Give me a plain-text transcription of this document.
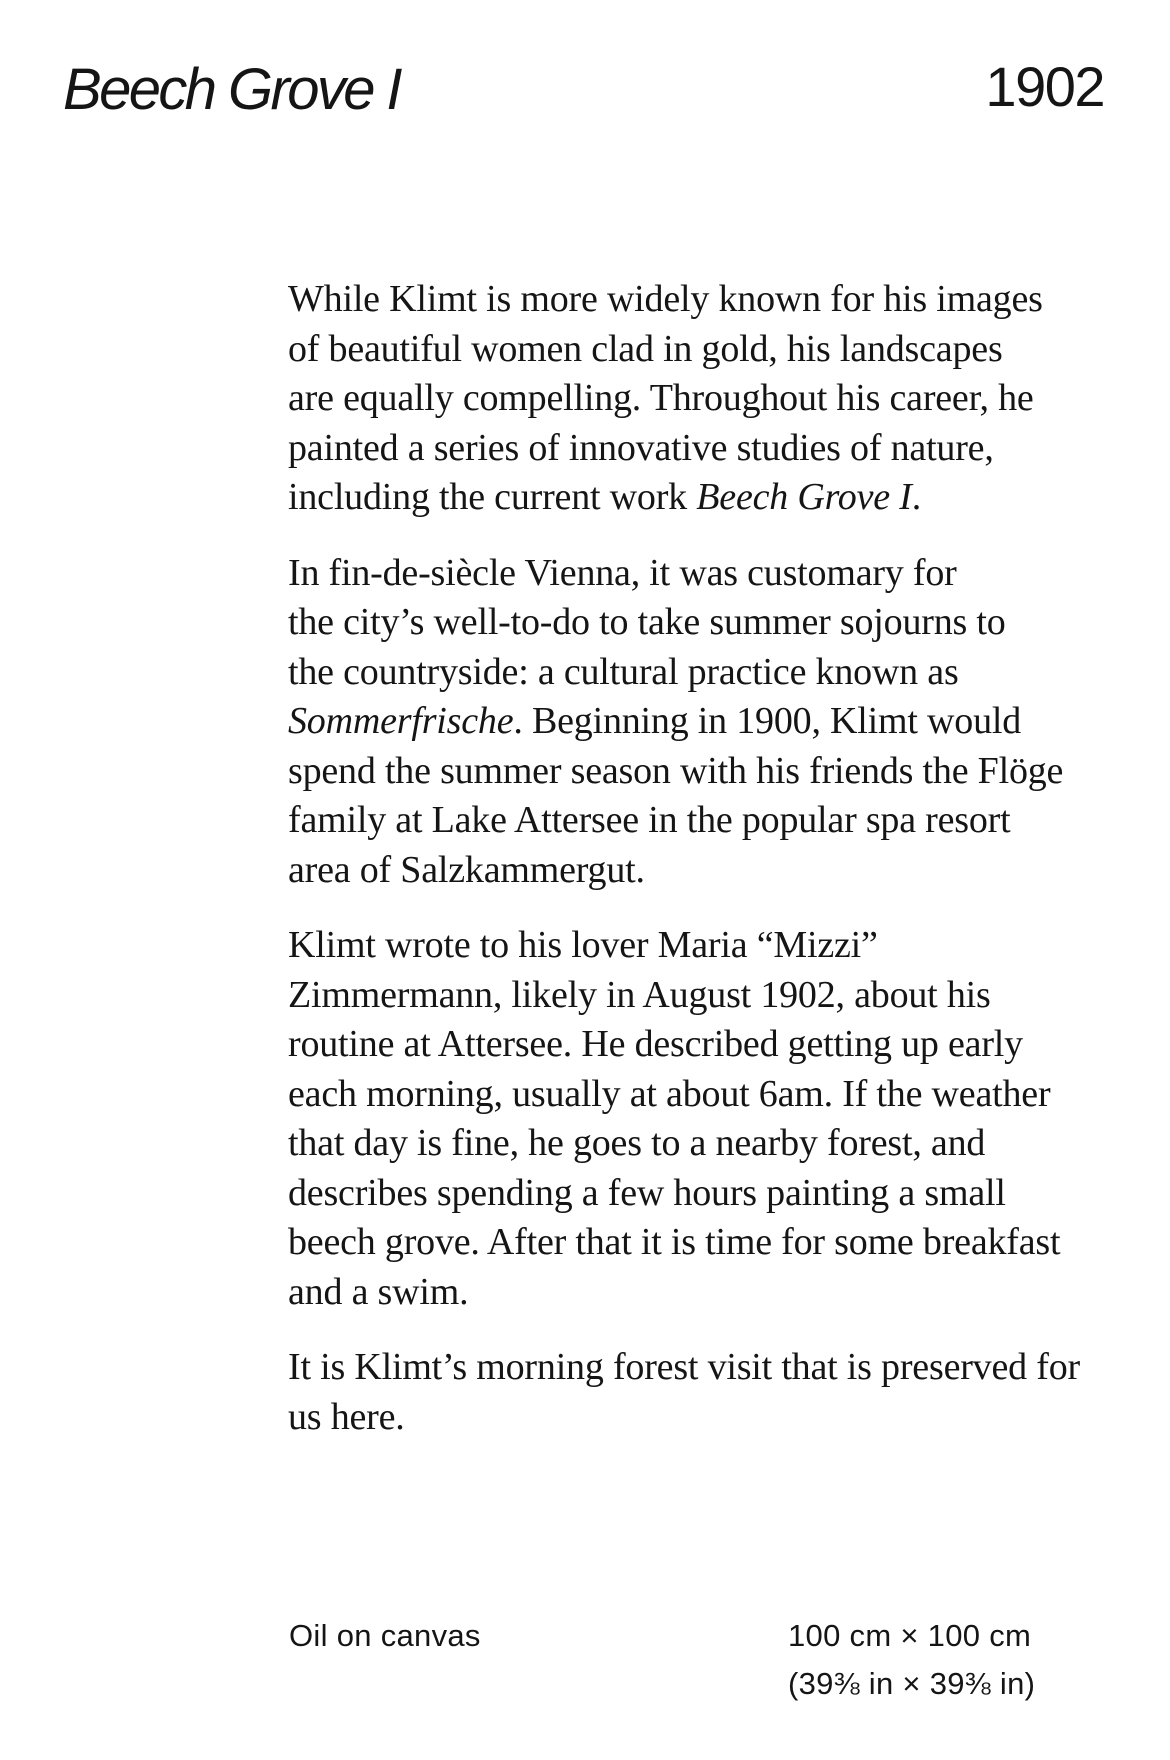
Beech Grove I	1902

While Klimt is more widely known for his images
of beautiful women clad in gold, his landscapes
are equally compelling. Throughout his career, he
painted a series of innovative studies of nature,
including the current work Beech Grove I.

In fin-de-siècle Vienna, it was customary for
the city’s well-to-do to take summer sojourns to
the countryside: a cultural practice known as
Sommerfrische. Beginning in 1900, Klimt would
spend the summer season with his friends the Flöge
family at Lake Attersee in the popular spa resort
area of Salzkammergut.

Klimt wrote to his lover Maria “Mizzi”
Zimmermann, likely in August 1902, about his
routine at Attersee. He described getting up early
each morning, usually at about 6am. If the weather
that day is fine, he goes to a nearby forest, and
describes spending a few hours painting a small
beech grove. After that it is time for some breakfast
and a swim.

It is Klimt’s morning forest visit that is preserved for
us here.

Oil on canvas	100 cm × 100 cm
(39⅜ in × 39⅜ in)
